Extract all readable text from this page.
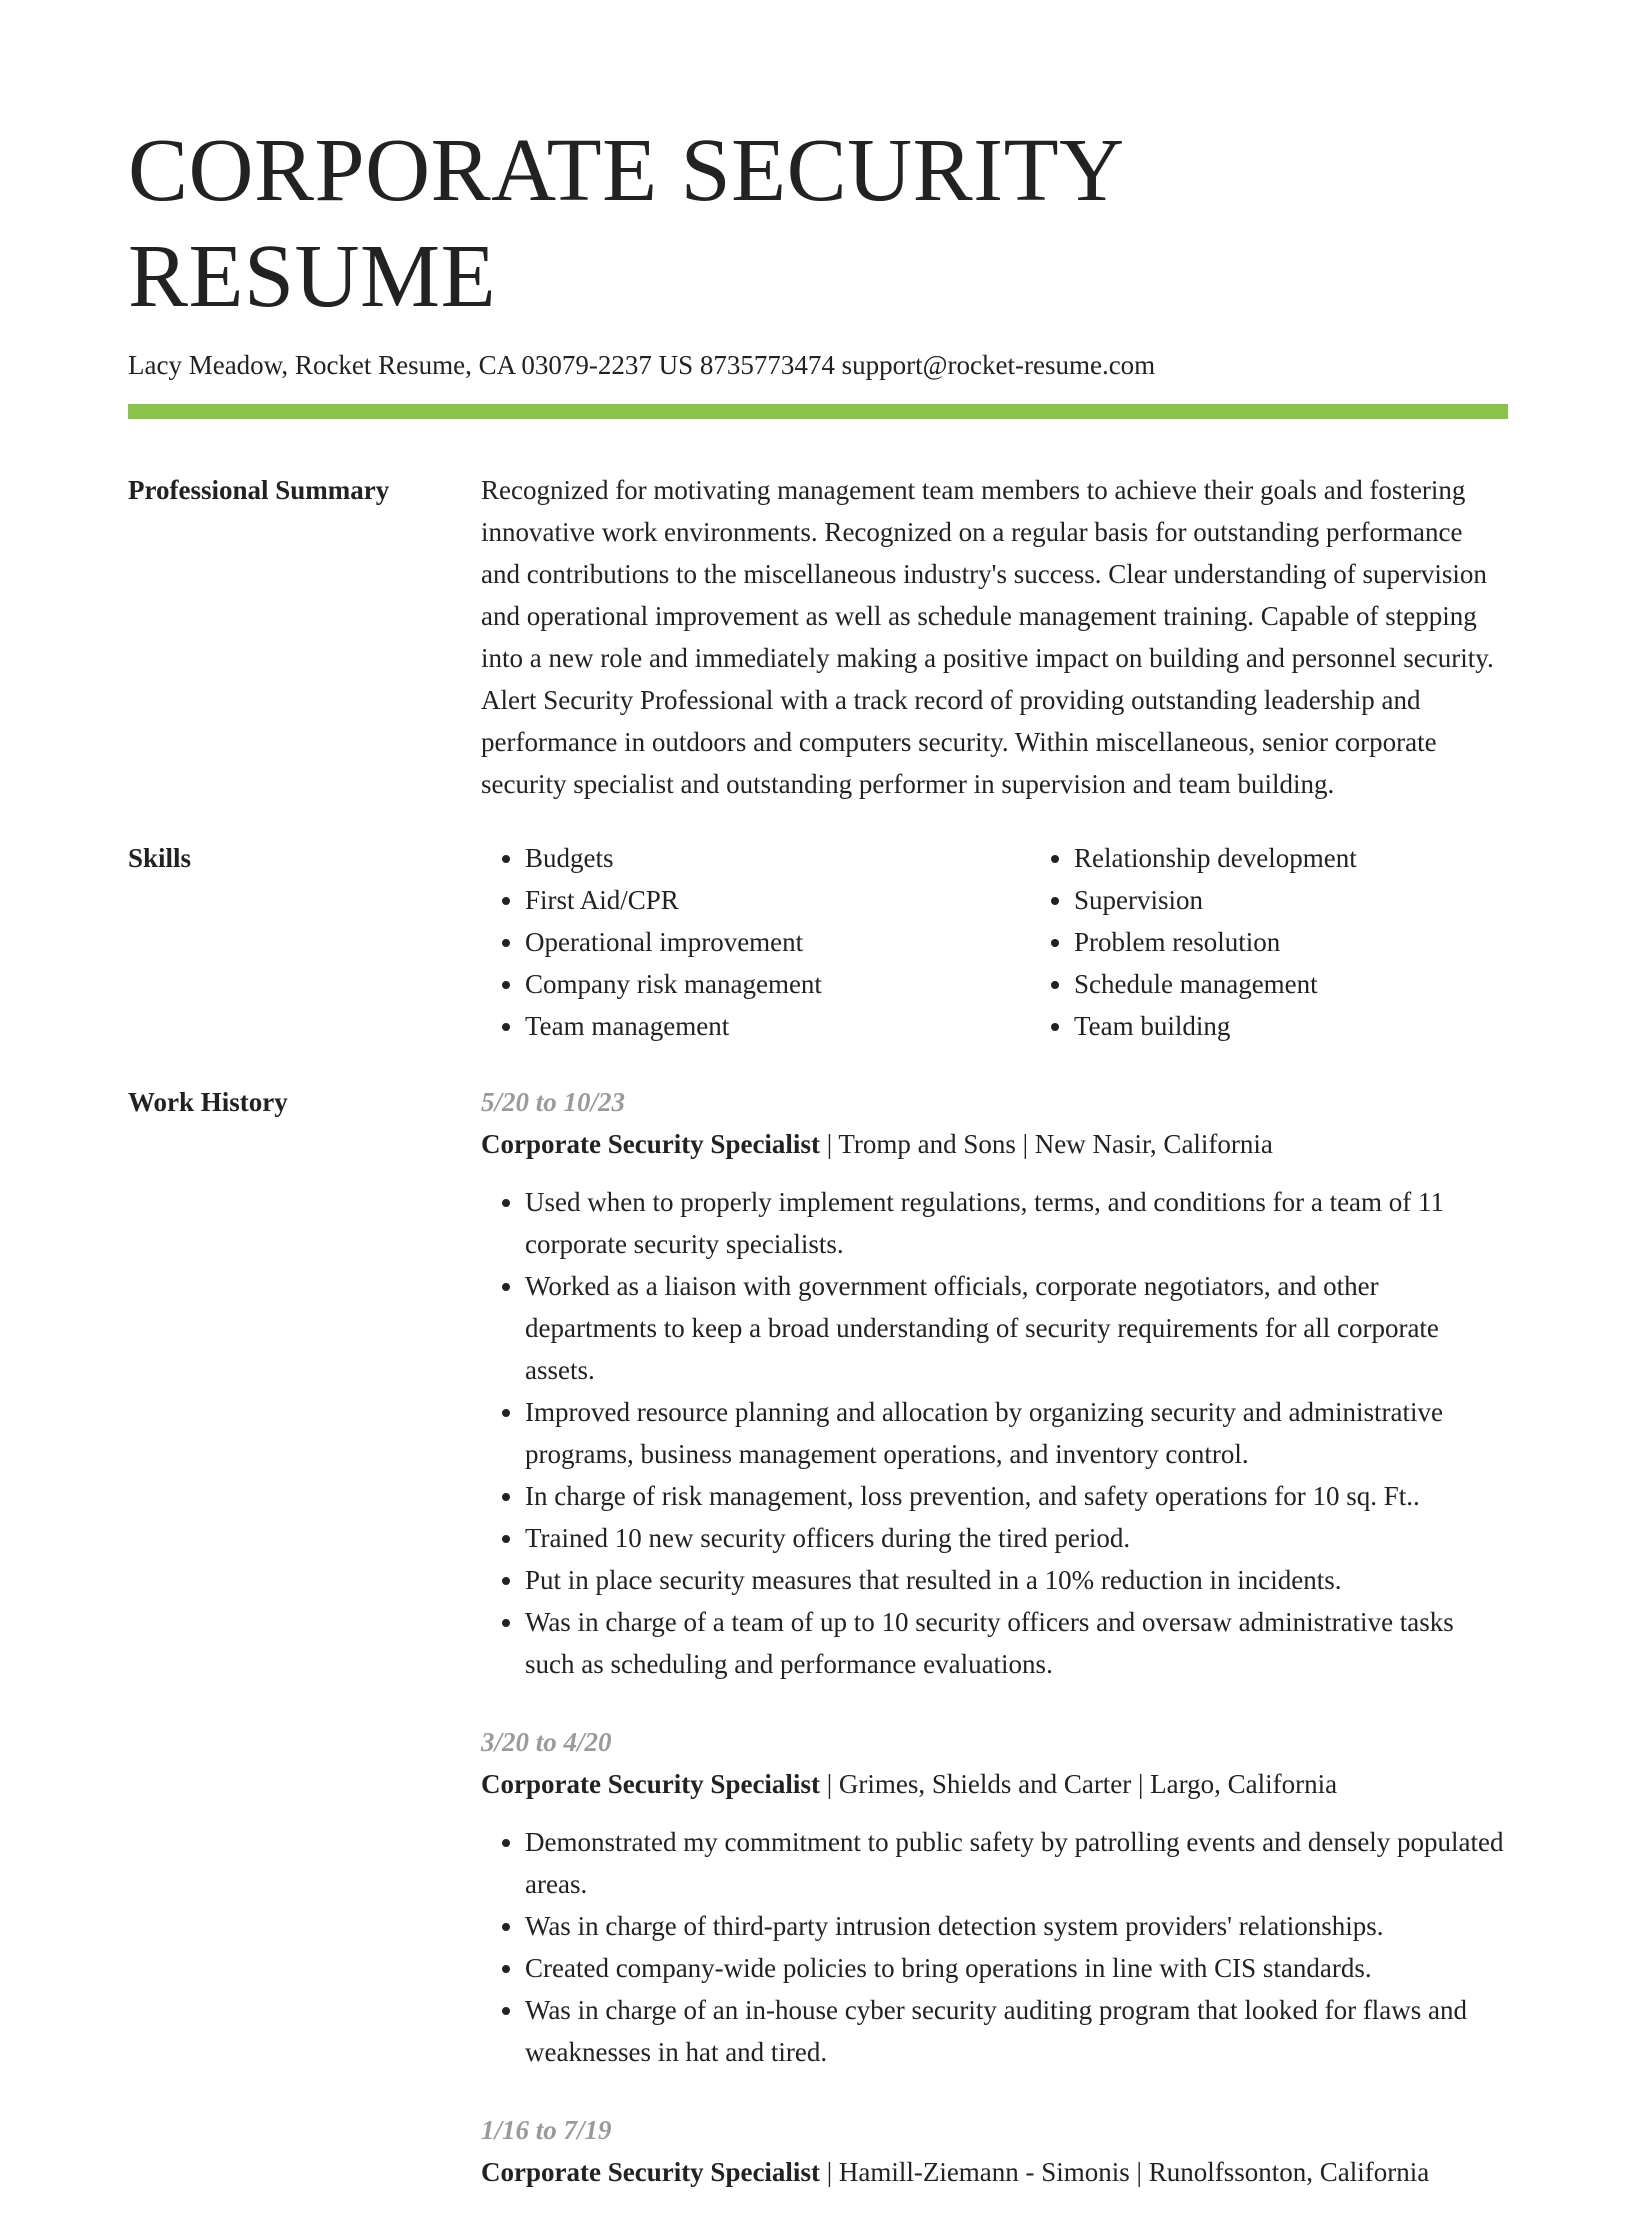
CORPORATE SECURITY RESUME
Lacy Meadow, Rocket Resume, CA 03079-2237 US 8735773474 support@rocket-resume.com
Professional Summary	Recognized for motivating management team members to achieve their goals and fostering innovative work environments. Recognized on a regular basis for outstanding performance and contributions to the miscellaneous industry's success. Clear understanding of supervision and operational improvement as well as schedule management training. Capable of stepping into a new role and immediately making a positive impact on building and personnel security. Alert Security Professional with a track record of providing outstanding leadership and performance in outdoors and computers security. Within miscellaneous, senior corporate security specialist and outstanding performer in supervision and team building.

Skills
•	Budgets
• First Aid/CPR
• Operational improvement
• Company risk management
• Team management
• Relationship development
• Supervision
• Problem resolution
• Schedule management
• Team building
Work History	5/20 to 10/23
Corporate Security Specialist | Tromp and Sons | New Nasir, California
• Used when to properly implement regulations, terms, and conditions for a team of 11 corporate security specialists.
• Worked as a liaison with government officials, corporate negotiators, and other departments to keep a broad understanding of security requirements for all corporate assets.
• Improved resource planning and allocation by organizing security and administrative programs, business management operations, and inventory control.
• In charge of risk management, loss prevention, and safety operations for 10 sq. Ft..
• Trained 10 new security officers during the tired period.
• Put in place security measures that resulted in a 10% reduction in incidents.
• Was in charge of a team of up to 10 security officers and oversaw administrative tasks such as scheduling and performance evaluations.
3/20 to 4/20
Corporate Security Specialist | Grimes, Shields and Carter | Largo, California
• Demonstrated my commitment to public safety by patrolling events and densely populated areas.
• Was in charge of third-party intrusion detection system providers' relationships.
• Created company-wide policies to bring operations in line with CIS standards.
• Was in charge of an in-house cyber security auditing program that looked for flaws and weaknesses in hat and tired.
1/16 to 7/19
Corporate Security Specialist | Hamill-Ziemann - Simonis | Runolfssonton, California
